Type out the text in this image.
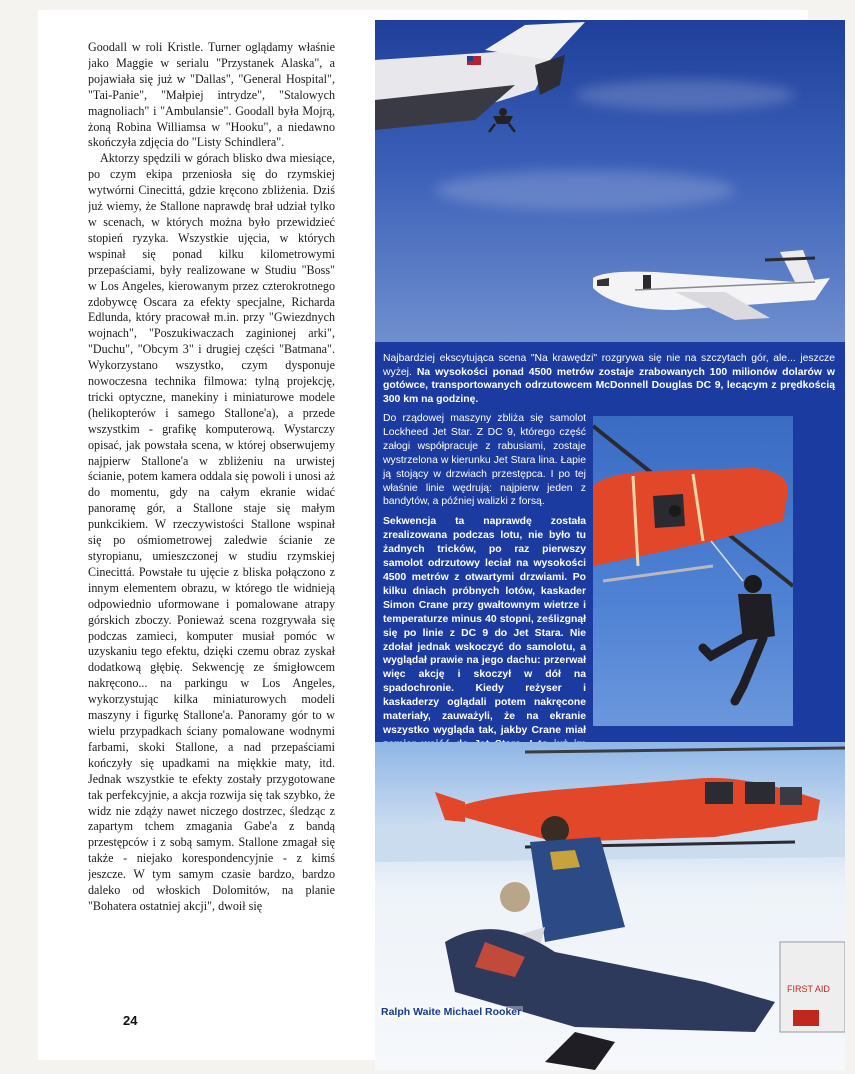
Goodall w roli Kristle. Turner oglądamy właśnie jako Maggie w serialu "Przystanek Alaska", a pojawiała się już w "Dallas", "General Hospital", "Tai-Panie", "Małpiej intrydze", "Stalowych magnoliach" i "Ambulansie". Goodall była Mojrą, żoną Robina Williamsa w "Hooku", a niedawno skończyła zdjęcia do "Listy Schindlera".

Aktorzy spędzili w górach blisko dwa miesiące, po czym ekipa przeniosła się do rzymskiej wytwórni Cinecittá, gdzie kręcono zbliżenia. Dziś już wiemy, że Stallone naprawdę brał udział tylko w scenach, w których można było przewidzieć stopień ryzyka. Wszystkie ujęcia, w których wspinał się ponad kilku kilometrowymi przepaściami, były realizowane w Studiu "Boss" w Los Angeles, kierowanym przez czterokrotnego zdobywcę Oscara za efekty specjalne, Richarda Edlunda, który pracował m.in. przy "Gwiezdnych wojnach", "Poszukiwaczach zaginionej arki", "Duchu", "Obcym 3" i drugiej części "Batmana". Wykorzystano wszystko, czym dysponuje nowoczesna technika filmowa: tylną projekcję, tricki optyczne, manekiny i miniaturowe modele (helikopterów i samego Stallone'a), a przede wszystkim - grafikę komputerową. Wystarczy opisać, jak powstała scena, w której obserwujemy najpierw Stallone'a w zbliżeniu na urwistej ścianie, potem kamera oddala się powoli i unosi aż do momentu, gdy na całym ekranie widać panoramę gór, a Stallone staje się małym punkcikiem. W rzeczywistości Stallone wspinał się po ośmiometrowej zaledwie ścianie ze styropianu, umieszczonej w studiu rzymskiej Cinecittá. Powstałe tu ujęcie z bliska połączono z innym elementem obrazu, w którego tle widnieją odpowiednio uformowane i pomalowane atrapy górskich zboczy. Ponieważ scena rozgrywała się podczas zamieci, komputer musiał pomóc w uzyskaniu tego efektu, dzięki czemu obraz zyskał dodatkową głębię. Sekwencję ze śmigłowcem nakręcono... na parkingu w Los Angeles, wykorzystując kilka miniaturowych modeli maszyny i figurkę Stallone'a. Panoramy gór to w wielu przypadkach ściany pomalowane wodnymi farbami, skoki Stallone, a nad przepaściami kończyły się upadkami na miękkie maty, itd. Jednak wszystkie te efekty zostały przygotowane tak perfekcyjnie, a akcja rozwija się tak szybko, że widz nie zdąży nawet niczego dostrzec, śledząc z zapartym tchem zmagania Gabe'a z bandą przestępców i z sobą samym. Stallone zmagał się także - niejako korespondencyjnie - z kimś jeszcze. W tym samym czasie bardzo, bardzo daleko od włoskich Dolomitów, na planie "Bohatera ostatniej akcji", dwoił się

24
Najbardziej ekscytująca scena "Na krawędzi" rozgrywa się nie na szczytach gór, ale... jeszcze wyżej. Na wysokości ponad 4500 metrów zostaje zrabowanych 100 milionów dolarów w gotówce, transportowanych odrzutowcem McDonnell Douglas DC 9, lecącym z prędkością 300 km na godzinę.

Do rządowej maszyny zbliża się samolot Lockheed Jet Star. Z DC 9, którego część załogi współpracuje z rabusiami, zostaje wystrzelona w kierunku Jet Stara lina. Łapie ją stojący w drzwiach przestępca. I po tej właśnie linie wędrują: najpierw jeden z bandytów, a później walizki z forsą.

Sekwencja ta naprawdę została zrealizowana podczas lotu, nie było tu żadnych tricków, po raz pierwszy samolot odrzutowy leciał na wysokości 4500 metrów z otwartymi drzwiami. Po kilku dniach próbnych lotów, kaskader Simon Crane przy gwałtownym wietrze i temperaturze minus 40 stopni, ześlizgnął się po linie z DC 9 do Jet Stara. Nie zdołał jednak wskoczyć do samolotu, a wyglądał prawie na jego dachu: przerwał więc akcję i skoczył w dół na spadochronie. Kiedy reżyser i kaskaderzy oglądali potem nakręcone materiały, zauważyli, że na ekranie wszystko wygląda tak, jakby Crane miał

FIRST AID
Ralph Waite Michael Rooker
